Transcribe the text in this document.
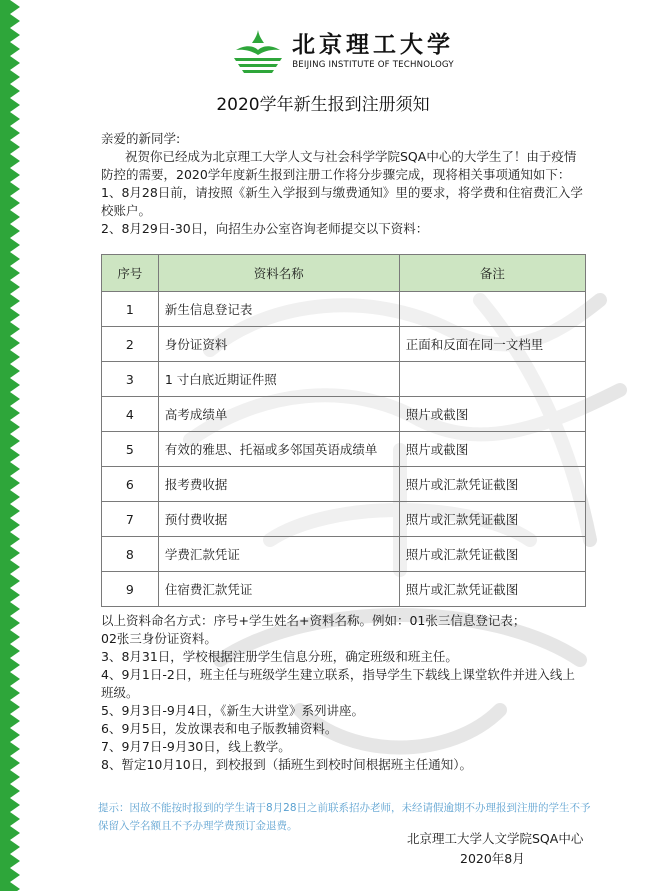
北京理工大学
BEIJING INSTITUTE OF TECHNOLOGY
2020学年新生报到注册须知

亲爱的新同学:

祝贺你已经成为北京理工大学人文与社会科学学院SQA中心的大学生了！由于疫情

防控的需要，2020学年度新生报到注册工作将分步骤完成，现将相关事项通知如下：

1、8月28日前，请按照《新生入学报到与缴费通知》里的要求，将学费和住宿费汇入学

校账户。

2、8月29日-30日，向招生办公室咨询老师提交以下资料：

序号	资料名称	备注
1	新生信息登记表	
2	身份证资料	正面和反面在同一文档里
3	1 寸白底近期证件照	
4	高考成绩单	照片或截图
5	有效的雅思、托福或多邻国英语成绩单	照片或截图
6	报考费收据	照片或汇款凭证截图
7	预付费收据	照片或汇款凭证截图
8	学费汇款凭证	照片或汇款凭证截图
9	住宿费汇款凭证	照片或汇款凭证截图

以上资料命名方式：序号+学生姓名+资料名称。例如：01张三信息登记表；

02张三身份证资料。

3、8月31日，学校根据注册学生信息分班，确定班级和班主任。

4、9月1日-2日，班主任与班级学生建立联系，指导学生下载线上课堂软件并进入线上

班级。

5、9月3日-9月4日，《新生大讲堂》系列讲座。

6、9月5日，发放课表和电子版教辅资料。

7、9月7日-9月30日，线上教学。

8、暂定10月10日，到校报到（插班生到校时间根据班主任通知）。

提示：因故不能按时报到的学生请于8月28日之前联系招办老师，未经请假逾期不办理报到注册的学生不予
保留入学名额且不予办理学费预订金退费。
北京理工大学人文学院SQA中心
2020年8月
